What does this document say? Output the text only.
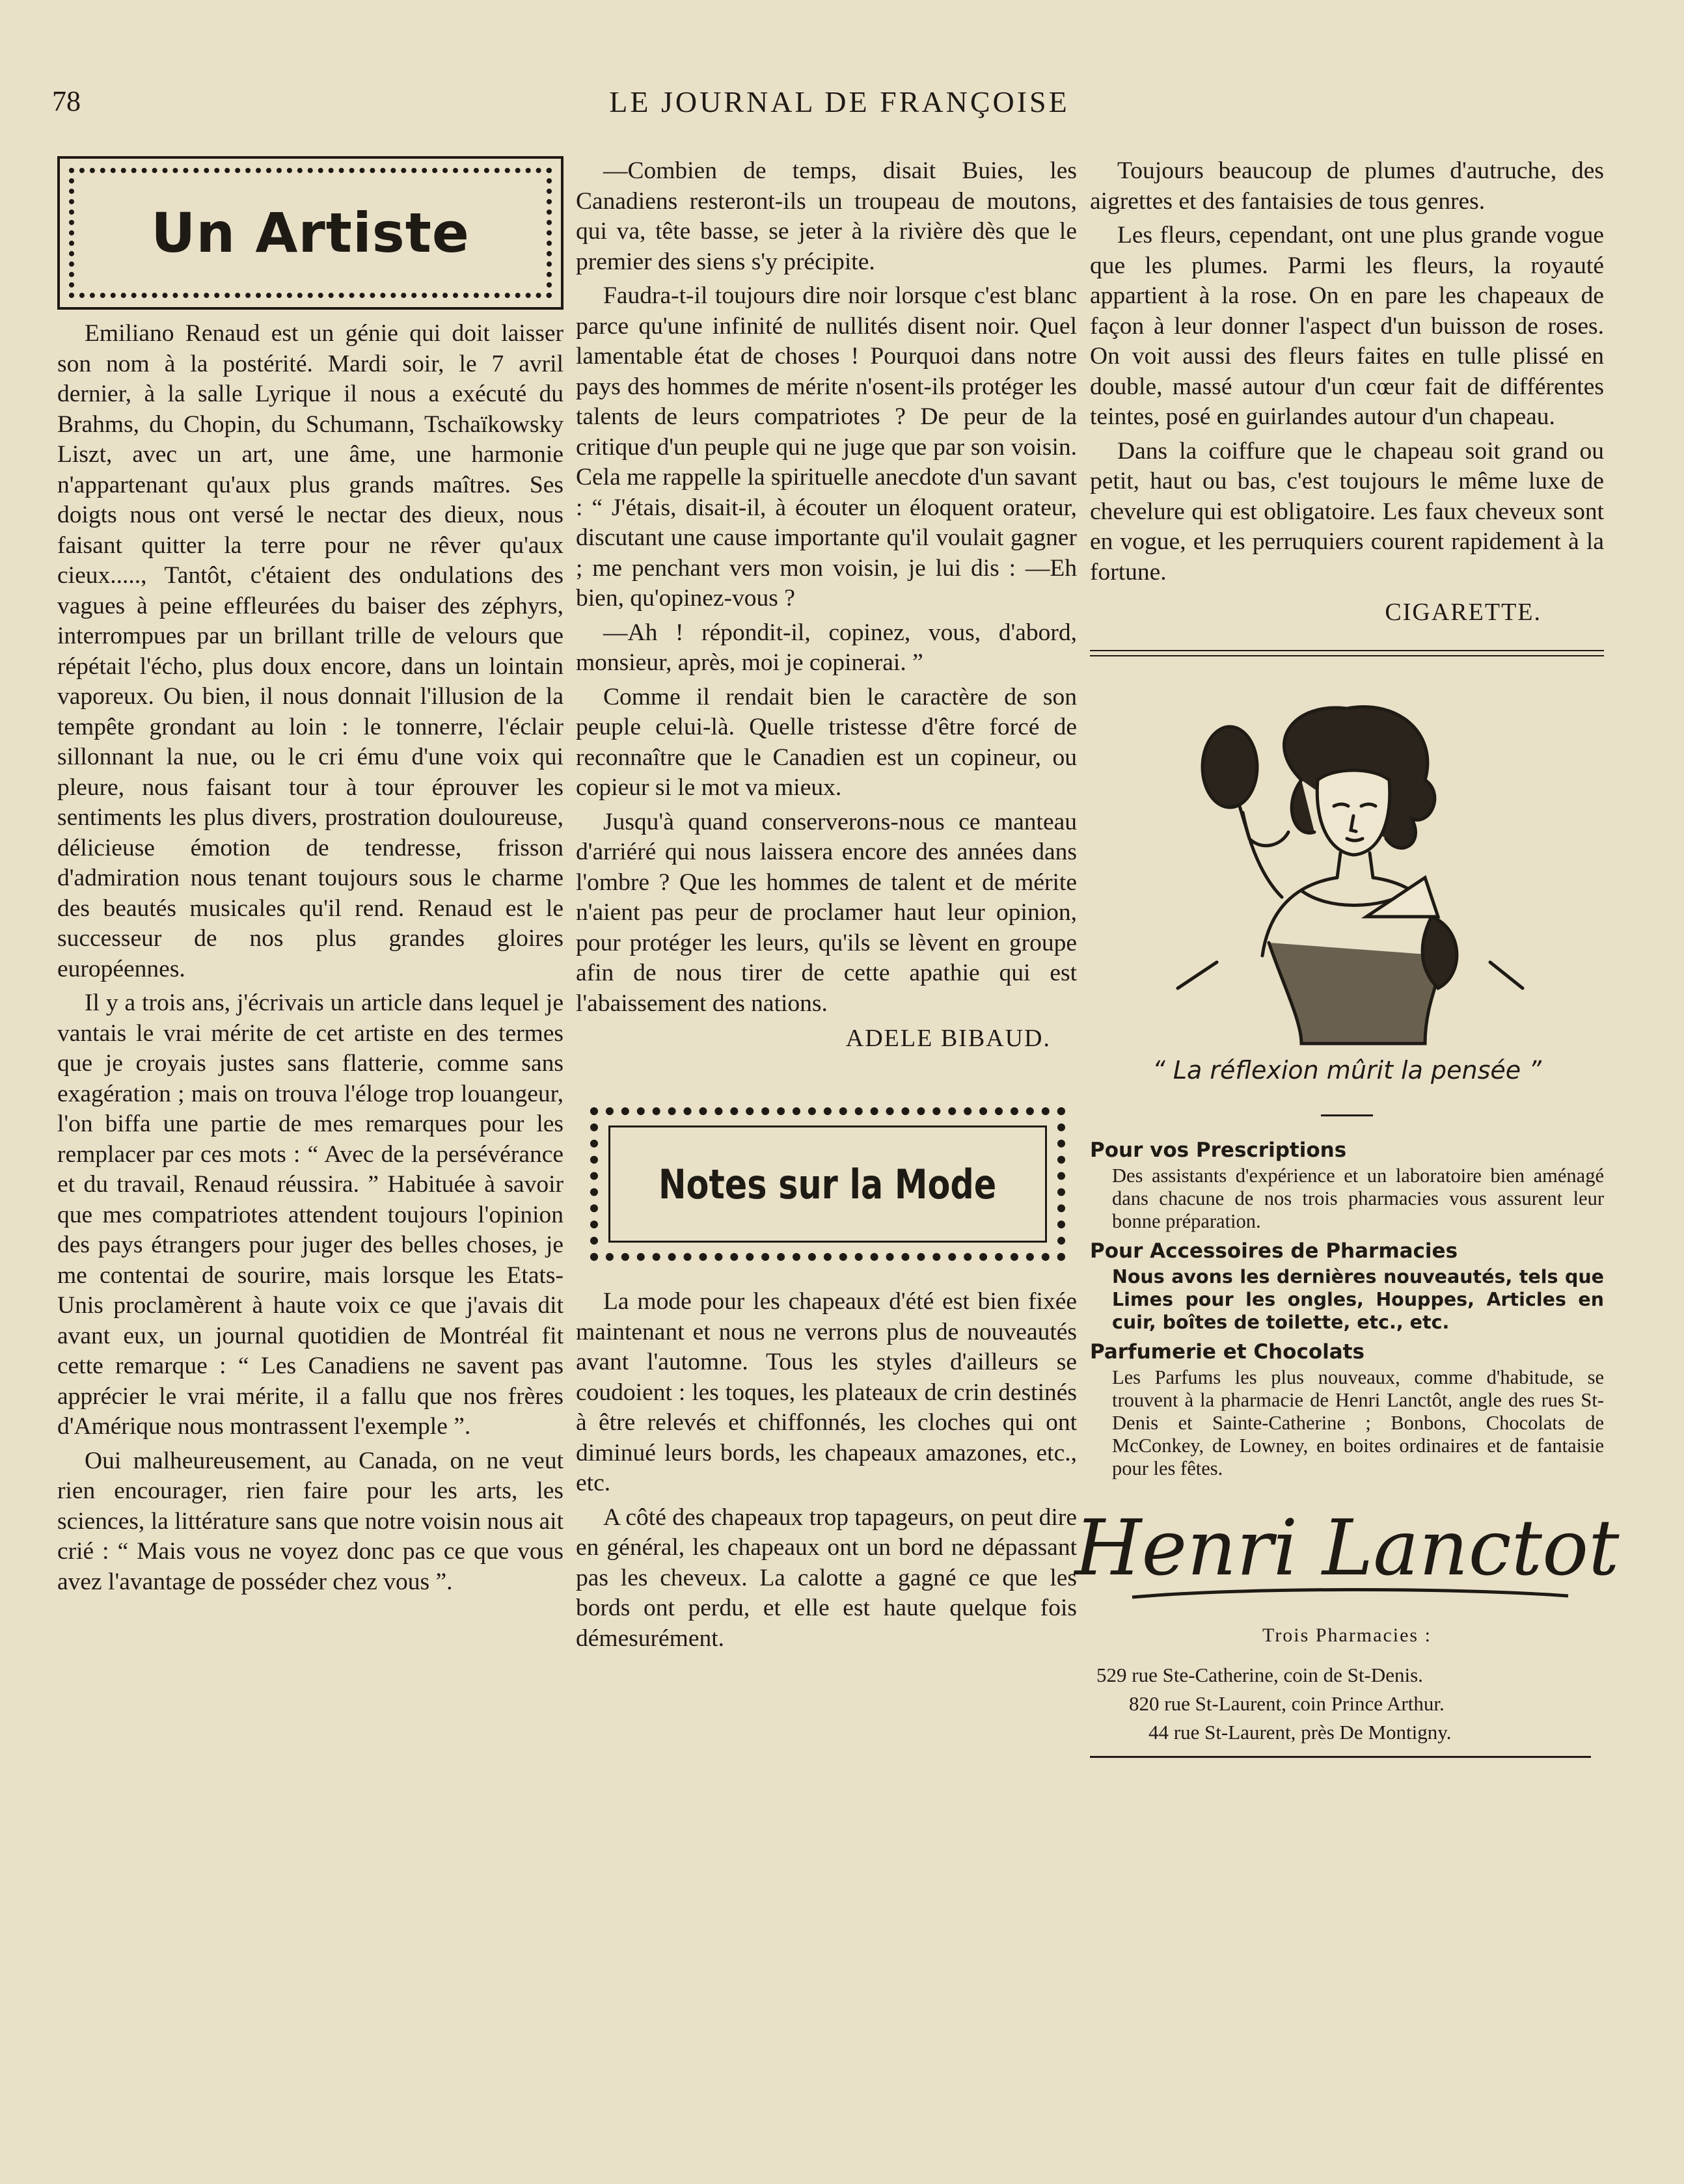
78	LE JOURNAL DE FRANÇOISE
Un Artiste

Emiliano Renaud est un génie qui doit laisser son nom à la postérité. Mardi soir, le 7 avril dernier, à la salle Lyrique il nous a exécuté du Brahms, du Chopin, du Schumann, Tschaïkowsky Liszt, avec un art, une âme, une harmonie n'appartenant qu'aux plus grands maîtres. Ses doigts nous ont versé le nectar des dieux, nous faisant quitter la terre pour ne rêver qu'aux cieux....., Tantôt, c'étaient des ondulations des vagues à peine effleurées du baiser des zéphyrs, interrompues par un brillant trille de velours que répétait l'écho, plus doux encore, dans un lointain vaporeux. Ou bien, il nous donnait l'illusion de la tempête grondant au loin : le tonnerre, l'éclair sillonnant la nue, ou le cri ému d'une voix qui pleure, nous faisant tour à tour éprouver les sentiments les plus divers, prostration douloureuse, délicieuse émotion de tendresse, frisson d'admiration nous tenant toujours sous le charme des beautés musicales qu'il rend. Renaud est le successeur de nos plus grandes gloires européennes.

Il y a trois ans, j'écrivais un article dans lequel je vantais le vrai mérite de cet artiste en des termes que je croyais justes sans flatterie, comme sans exagération ; mais on trouva l'éloge trop louangeur, l'on biffa une partie de mes remarques pour les remplacer par ces mots : “ Avec de la persévérance et du travail, Renaud réussira. ” Habituée à savoir que mes compatriotes attendent toujours l'opinion des pays étrangers pour juger des belles choses, je me contentai de sourire, mais lorsque les Etats-Unis proclamèrent à haute voix ce que j'avais dit avant eux, un journal quotidien de Montréal fit cette remarque : “ Les Canadiens ne savent pas apprécier le vrai mérite, il a fallu que nos frères d'Amérique nous montrassent l'exemple ”.

Oui malheureusement, au Canada, on ne veut rien encourager, rien faire pour les arts, les sciences, la littérature sans que notre voisin nous ait crié : “ Mais vous ne voyez donc pas ce que vous avez l'avantage de posséder chez vous ”.

—Combien de temps, disait Buies, les Canadiens resteront-ils un troupeau de moutons, qui va, tête basse, se jeter à la rivière dès que le premier des siens s'y précipite.

Faudra-t-il toujours dire noir lorsque c'est blanc parce qu'une infinité de nullités disent noir. Quel lamentable état de choses ! Pourquoi dans notre pays des hommes de mérite n'osent-ils protéger les talents de leurs compatriotes ? De peur de la critique d'un peuple qui ne juge que par son voisin. Cela me rappelle la spirituelle anecdote d'un savant : “ J'étais, disait-il, à écouter un éloquent orateur, discutant une cause importante qu'il voulait gagner ; me penchant vers mon voisin, je lui dis : —Eh bien, qu'opinez-vous ?

—Ah ! répondit-il, copinez, vous, d'abord, monsieur, après, moi je copinerai. ”

Comme il rendait bien le caractère de son peuple celui-là. Quelle tristesse d'être forcé de reconnaître que le Canadien est un copineur, ou copieur si le mot va mieux.

Jusqu'à quand conserverons-nous ce manteau d'arriéré qui nous laissera encore des années dans l'ombre ? Que les hommes de talent et de mérite n'aient pas peur de proclamer haut leur opinion, pour protéger les leurs, qu'ils se lèvent en groupe afin de nous tirer de cette apathie qui est l'abaissement des nations.

ADELE BIBAUD.
Notes sur la Mode

La mode pour les chapeaux d'été est bien fixée maintenant et nous ne verrons plus de nouveautés avant l'automne. Tous les styles d'ailleurs se coudoient : les toques, les plateaux de crin destinés à être relevés et chiffonnés, les cloches qui ont diminué leurs bords, les chapeaux amazones, etc., etc.

A côté des chapeaux trop tapageurs, on peut dire en général, les chapeaux ont un bord ne dépassant pas les cheveux. La calotte a gagné ce que les bords ont perdu, et elle est haute quelque fois démesurément.

Toujours beaucoup de plumes d'autruche, des aigrettes et des fantaisies de tous genres.

Les fleurs, cependant, ont une plus grande vogue que les plumes. Parmi les fleurs, la royauté appartient à la rose. On en pare les chapeaux de façon à leur donner l'aspect d'un buisson de roses. On voit aussi des fleurs faites en tulle plissé en double, massé autour d'un cœur fait de différentes teintes, posé en guirlandes autour d'un chapeau.

Dans la coiffure que le chapeau soit grand ou petit, haut ou bas, c'est toujours le même luxe de chevelure qui est obligatoire. Les faux cheveux sont en vogue, et les perruquiers courent rapidement à la fortune.

CIGARETTE.
“ La réflexion mûrit la pensée ”
Pour vos Prescriptions

Des assistants d'expérience et un laboratoire bien aménagé dans chacune de nos trois pharmacies vous assurent leur bonne préparation.

Pour Accessoires de Pharmacies

Nous avons les dernières nouveautés, tels que Limes pour les ongles, Houppes, Articles en cuir, boîtes de toilette, etc., etc.

Parfumerie et Chocolats

Les Parfums les plus nouveaux, comme d'habitude, se trouvent à la pharmacie de Henri Lanctôt, angle des rues St-Denis et Sainte-Catherine ; Bonbons, Chocolats de McConkey, de Lowney, en boites ordinaires et de fantaisie pour les fêtes.

Henri Lanctot
Trois Pharmacies :
529 rue Ste-Catherine, coin de St-Denis.
820 rue St-Laurent, coin Prince Arthur.
44 rue St-Laurent, près De Montigny.
